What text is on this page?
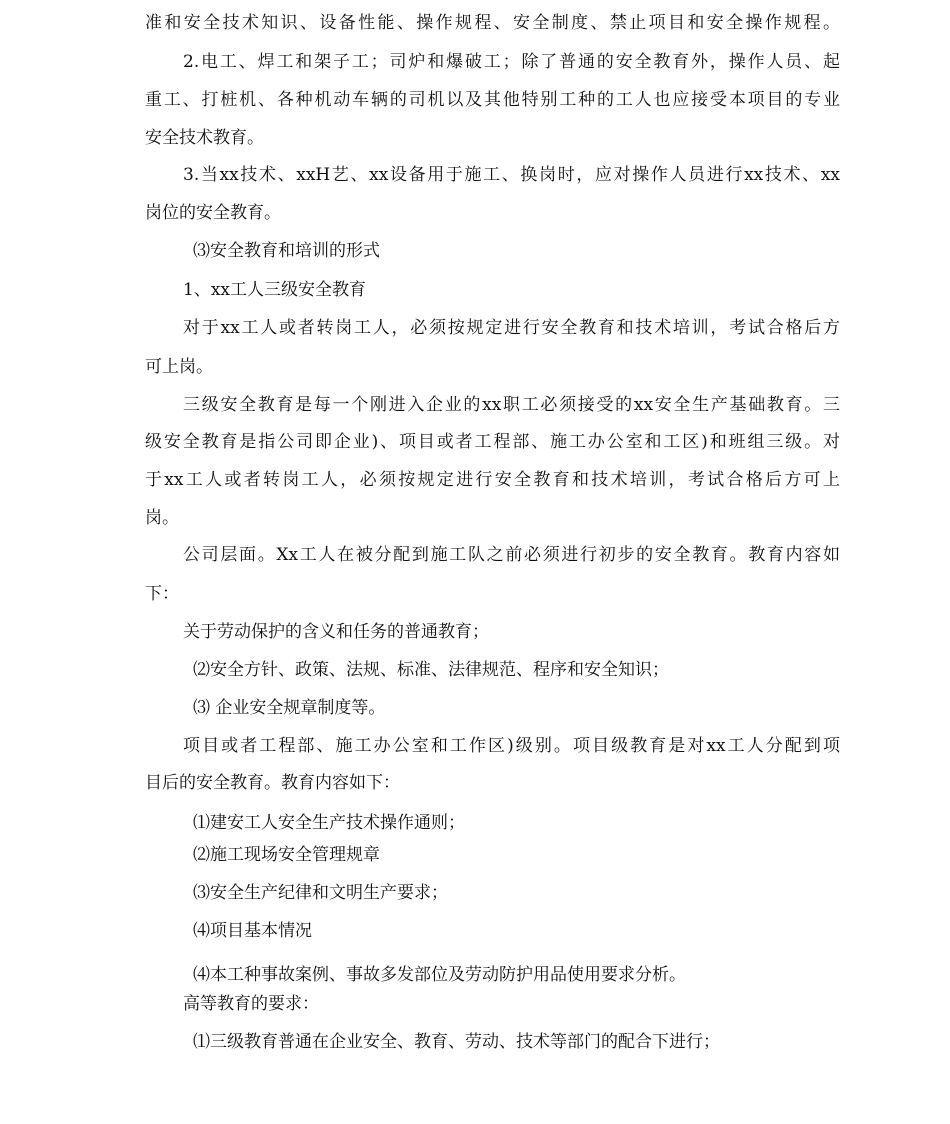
准和安全技术知识、设备性能、操作规程、安全制度、禁止项目和安全操作规程。
2.电工、焊工和架子工；司炉和爆破工；除了普通的安全教育外，操作人员、起
重工、打桩机、各种机动车辆的司机以及其他特别工种的工人也应接受本项目的专业
安全技术教育。
3.当xx技术、xxH艺、xx设备用于施工、换岗时，应对操作人员进行xx技术、xx
岗位的安全教育。
⑶安全教育和培训的形式
1、xx工人三级安全教育
对于xx工人或者转岗工人，必须按规定进行安全教育和技术培训，考试合格后方
可上岗。
三级安全教育是每一个刚进入企业的xx职工必须接受的xx安全生产基础教育。三
级安全教育是指公司即企业)、项目或者工程部、施工办公室和工区)和班组三级。对
于xx工人或者转岗工人，必须按规定进行安全教育和技术培训，考试合格后方可上
岗。
公司层面。Xx工人在被分配到施工队之前必须进行初步的安全教育。教育内容如
下：
关于劳动保护的含义和任务的普通教育；
⑵安全方针、政策、法规、标准、法律规范、程序和安全知识；
⑶ 企业安全规章制度等。
项目或者工程部、施工办公室和工作区)级别。项目级教育是对xx工人分配到项
目后的安全教育。教育内容如下：
⑴建安工人安全生产技术操作通则；
⑵施工现场安全管理规章
⑶安全生产纪律和文明生产要求；
⑷项目基本情况
⑷本工种事故案例、事故多发部位及劳动防护用品使用要求分析。
高等教育的要求：
⑴三级教育普通在企业安全、教育、劳动、技术等部门的配合下进行；
